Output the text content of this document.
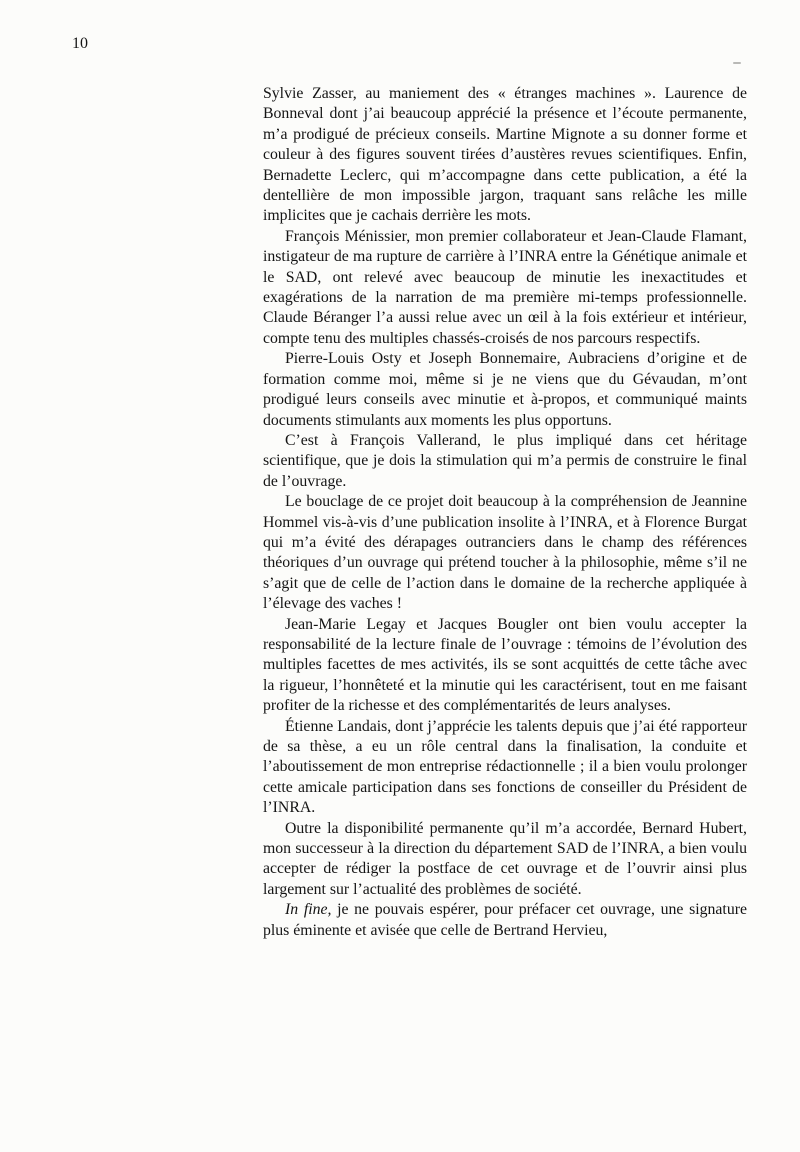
10

Sylvie Zasser, au maniement des « étranges machines ». Laurence de Bonneval dont j’ai beaucoup apprécié la présence et l’écoute permanente, m’a prodigué de précieux conseils. Martine Mignote a su donner forme et couleur à des figures souvent tirées d’austères revues scientifiques. Enfin, Bernadette Leclerc, qui m’accompagne dans cette publication, a été la dentellière de mon impossible jargon, traquant sans relâche les mille implicites que je cachais derrière les mots.

François Ménissier, mon premier collaborateur et Jean-Claude Flamant, instigateur de ma rupture de carrière à l’INRA entre la Génétique animale et le SAD, ont relevé avec beaucoup de minutie les inexactitudes et exagérations de la narration de ma première mi-temps professionnelle. Claude Béranger l’a aussi relue avec un œil à la fois extérieur et intérieur, compte tenu des multiples chassés-croisés de nos parcours respectifs.

Pierre-Louis Osty et Joseph Bonnemaire, Aubraciens d’origine et de formation comme moi, même si je ne viens que du Gévaudan, m’ont prodigué leurs conseils avec minutie et à-propos, et communiqué maints documents stimulants aux moments les plus opportuns.

C’est à François Vallerand, le plus impliqué dans cet héritage scientifique, que je dois la stimulation qui m’a permis de construire le final de l’ouvrage.

Le bouclage de ce projet doit beaucoup à la compréhension de Jeannine Hommel vis-à-vis d’une publication insolite à l’INRA, et à Florence Burgat qui m’a évité des dérapages outranciers dans le champ des références théoriques d’un ouvrage qui prétend toucher à la philosophie, même s’il ne s’agit que de celle de l’action dans le domaine de la recherche appliquée à l’élevage des vaches !

Jean-Marie Legay et Jacques Bougler ont bien voulu accepter la responsabilité de la lecture finale de l’ouvrage : témoins de l’évolution des multiples facettes de mes activités, ils se sont acquittés de cette tâche avec la rigueur, l’honnêteté et la minutie qui les caractérisent, tout en me faisant profiter de la richesse et des complémentarités de leurs analyses.

Étienne Landais, dont j’apprécie les talents depuis que j’ai été rapporteur de sa thèse, a eu un rôle central dans la finalisation, la conduite et l’aboutissement de mon entreprise rédactionnelle ; il a bien voulu prolonger cette amicale participation dans ses fonctions de conseiller du Président de l’INRA.

Outre la disponibilité permanente qu’il m’a accordée, Bernard Hubert, mon successeur à la direction du département SAD de l’INRA, a bien voulu accepter de rédiger la postface de cet ouvrage et de l’ouvrir ainsi plus largement sur l’actualité des problèmes de société.

In fine, je ne pouvais espérer, pour préfacer cet ouvrage, une signature plus éminente et avisée que celle de Bertrand Hervieu,
